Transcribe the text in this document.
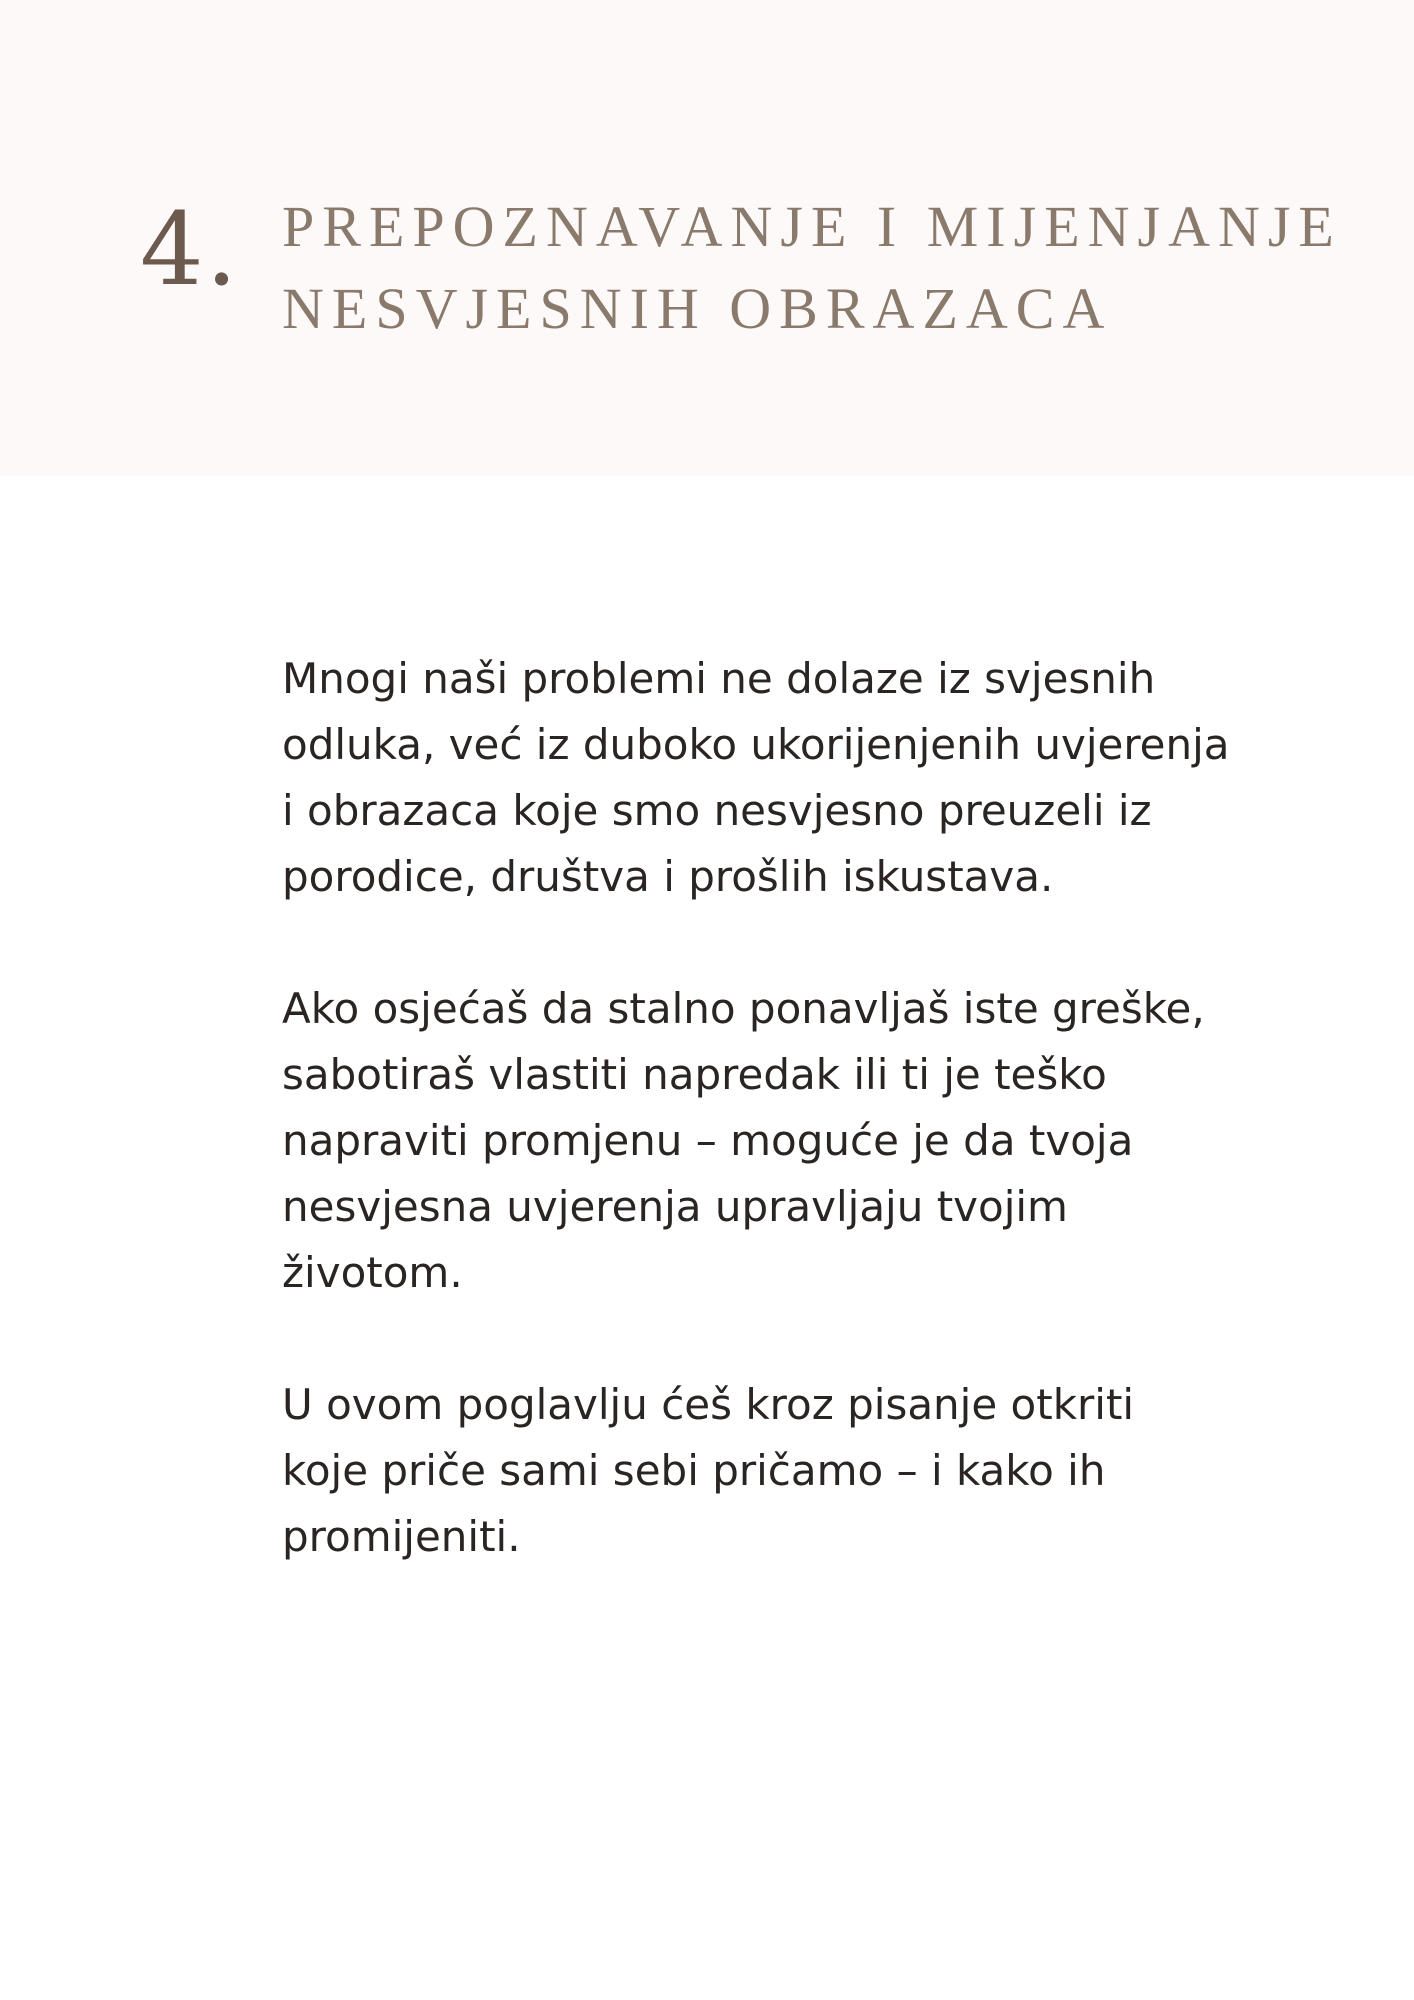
4. PREPOZNAVANJE I MIJENJANJE
NESVJESNIH OBRAZACA

Mnogi naši problemi ne dolaze iz svjesnih
odluka, već iz duboko ukorijenjenih uvjerenja
i obrazaca koje smo nesvjesno preuzeli iz
porodice, društva i prošlih iskustava.

Ako osjećaš da stalno ponavljaš iste greške,
sabotiraš vlastiti napredak ili ti je teško
napraviti promjenu – moguće je da tvoja
nesvjesna uvjerenja upravljaju tvojim
životom.

U ovom poglavlju ćeš kroz pisanje otkriti
koje priče sami sebi pričamo – i kako ih
promijeniti.
